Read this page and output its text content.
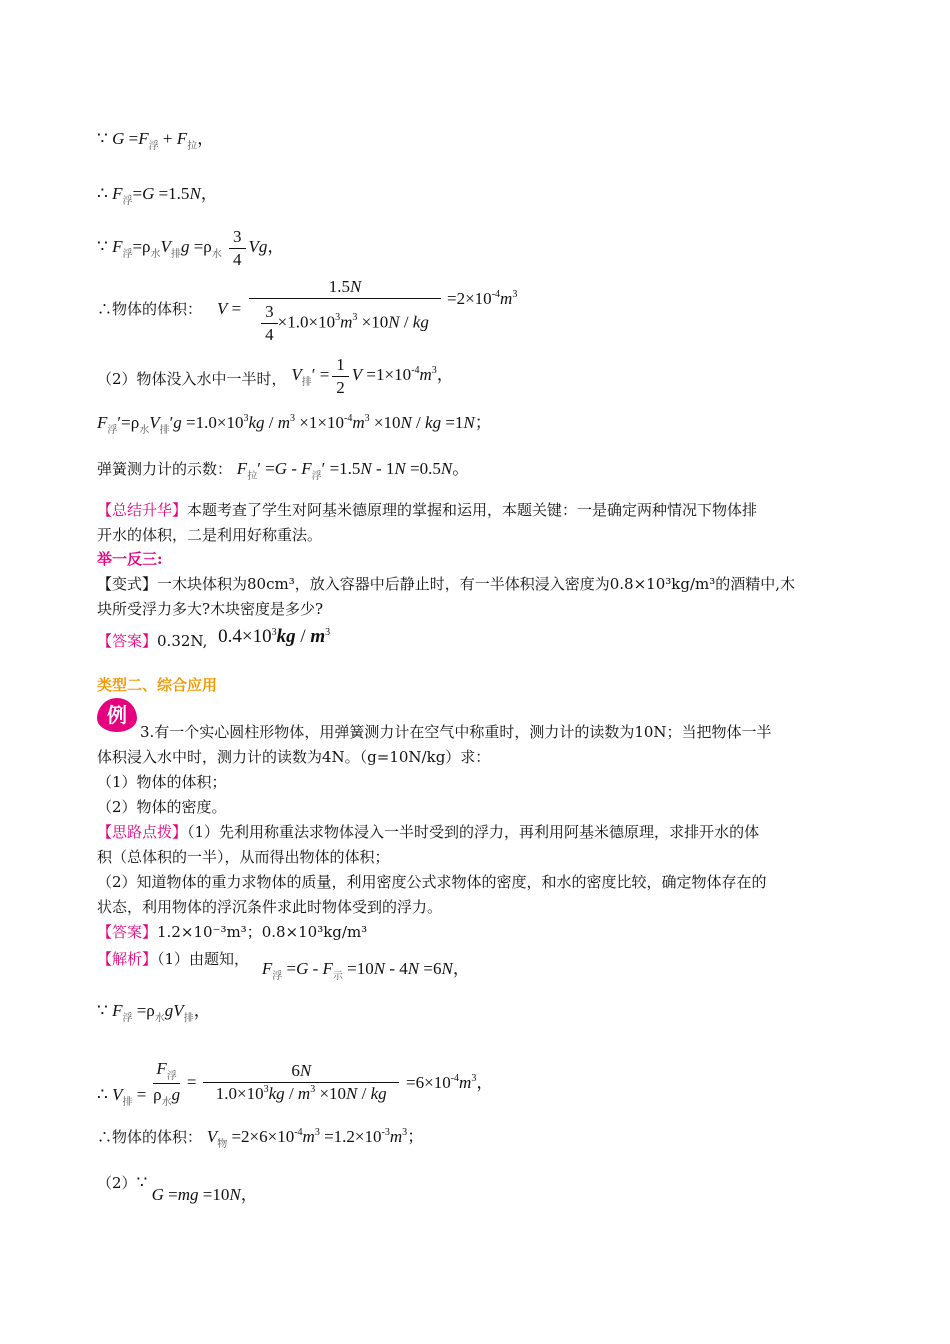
∵ $G =F_浮 + F_拉$，
∴ $F_浮=G =1.5N$，
∵ $F_浮=\rho_水V_排g =\rho_水 \frac{3}{4}$ Vg，
∴物体的体积： V =
1.5N
$\frac{3}{4} \times 1.0\times 10^3m^3 \times 10N$ / kg
$=2\times 10^{-4}m^3$
（2）物体没入水中一半时， $V_排' = \frac{1}{2}$ $V =1\times 10^{-4}m^3$，
$F_浮'=\rho_水V_排'g =1.0\times 10^3kg / m^3 \times 1\times 10^{-4}m^3 \times 10N$ / kg =1N；
弹簧测力计的示数： $F_拉' =G - F_浮' =1.5N - 1N =0.5N$。
【总结升华】本题考查了学生对阿基米德原理的掌握和运用，本题关键：一是确定两种情况下物体排
开水的体积，二是利用好称重法。
举一反三:
【变式】一木块体积为80cm³，放入容器中后静止时，有一半体积浸入密度为0.8×10³kg/m³的酒精中,木
块所受浮力多大?木块密度是多少?
【答案】0.32N, $0.4\times 10^3kg / m^3$
类型二、综合应用
例
3.有一个实心圆柱形物体，用弹簧测力计在空气中称重时，测力计的读数为10N；当把物体一半
体积浸入水中时，测力计的读数为4N。（g=10N/kg）求：
（1）物体的体积；
（2）物体的密度。
【思路点拨】（1）先利用称重法求物体浸入一半时受到的浮力，再利用阿基米德原理，求排开水的体
积（总体积的一半），从而得出物体的体积；
（2）知道物体的重力求物体的质量，利用密度公式求物体的密度，和水的密度比较，确定物体存在的
状态，利用物体的浮沉条件求此时物体受到的浮力。
【答案】1.2×10⁻³m³；0.8×10³kg/m³
【解析】（1）由题知， $F_浮 =G - F_示 =10N - 4N =6N$，
∵ $F_浮 =\rho_水gV_排$，
∴ $V_排$ =
$F_浮$
$\rho_水g$
= $\frac{6N}{1.0\times 10^3kg / m^3 \times 10N / kg} =6\times 10^{-4}m^3$，
∴物体的体积： $V_物 =2\times 6\times 10^{-4}m^3 =1.2\times 10^{-3}m^3$；
（2）∵ G =mg =10N，
